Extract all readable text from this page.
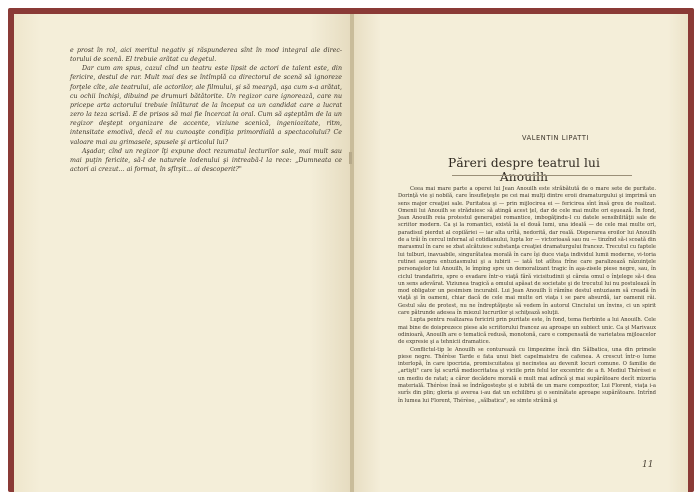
e prost în rol, aici meritul negativ şi răspunderea sînt în mod integral ale direc-torului de scenă. El trebuie arătat cu degetul.

Dar cum am spus, cazul cînd un teatru este lipsit de actori de talent este, din fericire, destul de rar. Mult mai des se întîmplă ca directorul de scenă să ignoreze forţele cîte, ale teatrului, ale actorilor, ale filmului, şi să meargă, aşa cum s-a arătat, cu ochii închişi, dibuind pe drumuri bătătorite. Un regizor care ignorează, care nu pricepe arta actorului trebuie înlăturat de la început ca un candidat care a lucrat zero la teza scrisă. E de prisos să mai fie încercat la oral. Cum să aşteptăm de la un regizor deştept organizare de accente, viziune scenică, ingeniozitate, ritm, intensitate emotivă, decă el nu cunoaşte condiţia primordială a spectacolului? Ce valoare mai au grimasele, spusele şi articolul lui?

Aşadar, cînd un regizor îţi expune doct rezumatul lecturilor sale, mai mult sau mai puţin fericite, să-l de naturele lodenului şi intreabă-l la rece: „Dumneata ce actori ai crezut... ai format, în sfîrşit... ai descoperit?"

VALENTIN LIPATTI
Păreri despre teatrul lui Anouilh

Ceea mai mare parte a operei lui Jean Anouilh este străbătută de o mare sete de puritate. Dorinţă vie şi nobilă, care însufleţeşte pe cei mai mulţi dintre eroii dramaturgului şi imprimă un sens major creaţiei sale. Puritatea şi — prin mijlocirea ei — fericirea sînt însă greu de realizat. Omenii lui Anouilh se străduiesc să atingă acest ţel, dar de cele mai multe ori eşuează. În fond, Jean Anouilh reia protestul generaţiei romantice, imbogăţindu-l cu datele sensibilităţii sale de scriitor modern. Ca şi la romantici, există la el două lumi, una ideală — de cele mai multe ori, paradisul pierdut al copilăriei — iar alta urîtă, nedorită, dar reală. Disperarea eroilor lui Anouilh de a trăi în cercul infernal al cotidianului, lupta lor — victorioasă sau nu — tinzînd să-i scoată din marasmul în care se zbat alcătuiesc substanţa creaţiei dramaturgului francez. Trecutul cu faptele lui tulburi, inavuabile, singurătatea morală în care îşi duce viaţa individul lumii moderne, vi-toria rutinei asupra entuziasmului şi a iubirii — iată tot atîtea frîne care paralizează năzuinţele personajelor lui Anouilh, le împing spre un demoralizant tragic în aşa-zisele piese negre, sau, în ciclul trandafiriu, spre o evadare într-o viaţă fără vicisitudinii şi căreia omul o înţelege să-i dea un sens adevărat. Viziunea tragică a omului apăsat de societate şi de trecutul lui nu postulează în mod obligator un pesimism incurabil. Lui Jean Anouilh îi rămîne destul entuziasm să creadă în viaţă şi în oameni, chiar dacă de cele mai multe ori viaţa i se pare absurdă, iar oamenii răi. Gestul său de protest, nu ne îndreptăţeşte să vedem în autorul Cinciului un învins, ci un spirit care pătrunde adesea în miezul lucrurilor şi schiţează soluţii.

Lupta pentru realizarea fericirii prin puritate este, în fond, tema fierbinte a lui Anouilh. Cele mai bine de doisprezece piese ale scriitorului francez au aproape un subiect unic. Ca şi Marivaux odinioară, Anouilh are o tematică redusă, monotonă, care e compensată de varietatea mijloacelor de expresie şi a tehnicii dramatice.

Conflictul-tip le Anouilh se conturează cu limpezime încă din Sălbatica, una din primele piese negre. Thérèse Tarde e fata unui biet capelmaistru de cafenea. A crescut într-o lume interlopă, în care ipocrizia, promiscuitatea şi necinstea au devenit locuri comune. O familie de „artişti" care îşi scurtă mediocritatea şi viciile prin felul lor excentric de a fi. Mediul Thérèsei e un mediu de ratat; a căror decădere morală e mult mai adîncă şi mai supărătoare decît mizeria materială. Thérèse însă se îndrăgosteşte şi e iubită de un mare compozitor, Lui Florent, viaţa i-a surîs din plin; gloria şi averea i-au dat un echilibru şi o seninătate aproape supărătoare. Intrînd în lumea lui Florent, Thérèse, „sălbatica", se simte străină şi

11
